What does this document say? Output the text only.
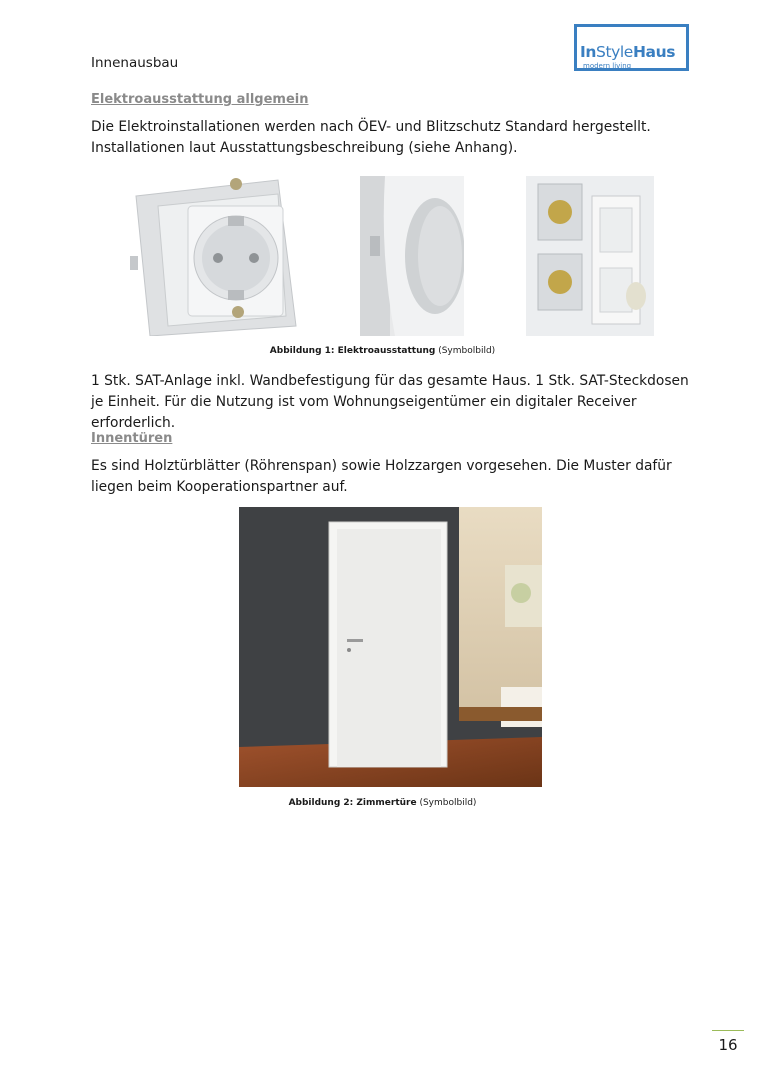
Innenausbau
InStyleHaus
modern living
Elektroausstattung allgemein
Die Elektroinstallationen werden nach ÖEV- und Blitzschutz Standard hergestellt. Installationen laut Ausstattungsbeschreibung (siehe Anhang).
Abbildung 1: Elektroausstattung (Symbolbild)
1 Stk. SAT-Anlage inkl. Wandbefestigung für das gesamte Haus. 1 Stk. SAT-Steckdosen je Einheit. Für die Nutzung ist vom Wohnungseigentümer ein digitaler Receiver erforderlich.
Innentüren
Es sind Holztürblätter (Röhrenspan) sowie Holzzargen vorgesehen. Die Muster dafür liegen beim Kooperationspartner auf.
Abbildung 2: Zimmertüre (Symbolbild)
16
